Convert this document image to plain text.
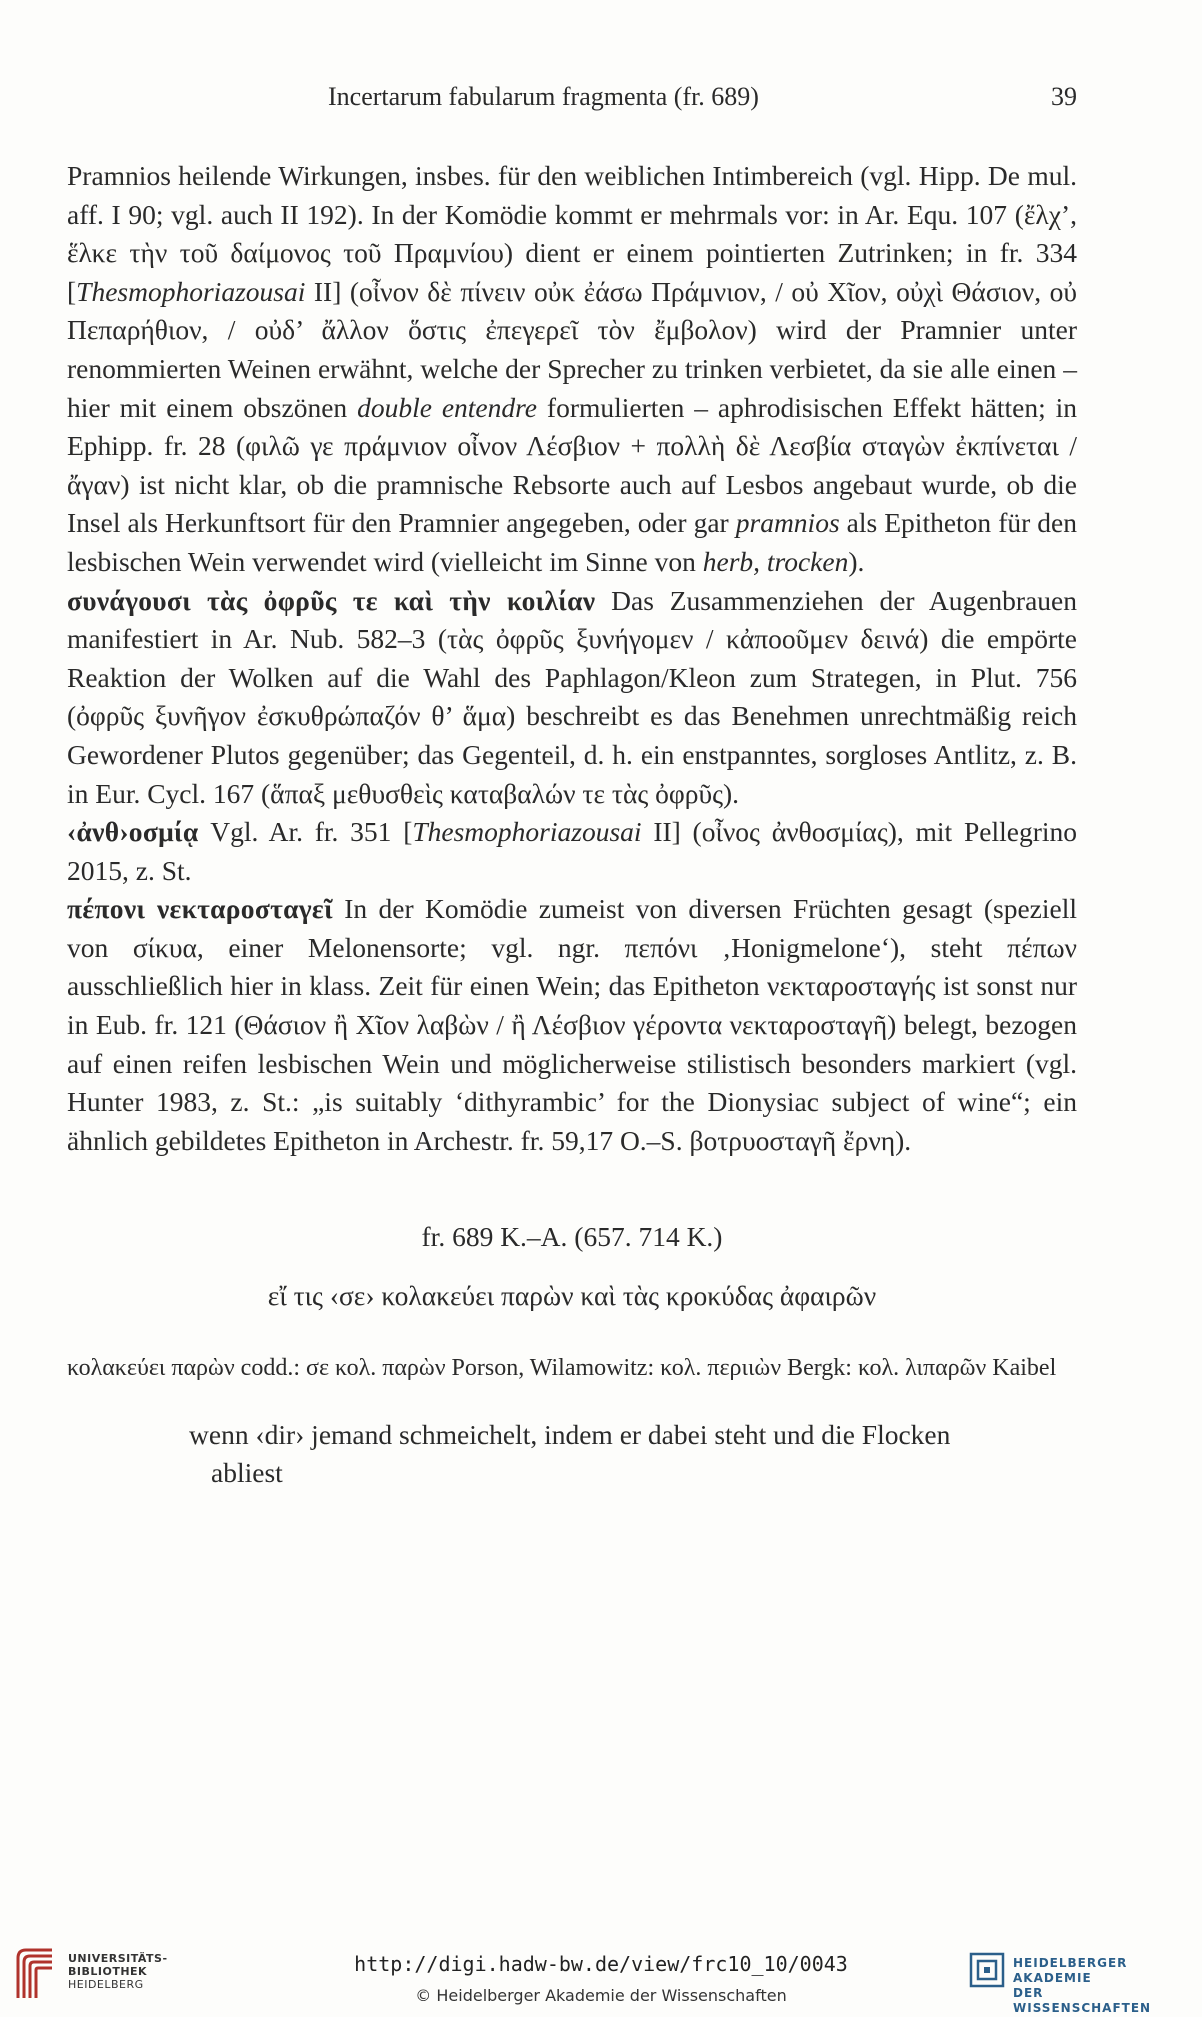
Incertarum fabularum fragmenta (fr. 689)	39

Pramnios heilende Wirkungen, insbes. für den weiblichen Intimbereich (vgl. Hipp. De mul. aff. I 90; vgl. auch II 192). In der Komödie kommt er mehrmals vor: in Ar. Equ. 107 (ἔλχ’, ἕλκε τὴν τοῦ δαίμονος τοῦ Πραμνίου) dient er einem pointierten Zutrinken; in fr. 334 [Thesmophoriazousai II] (οἶνον δὲ πίνειν οὐκ ἐάσω Πράμνιον, / οὐ Χῖον, οὐχὶ Θάσιον, οὐ Πεπαρήθιον, / οὐδ’ ἄλλον ὅστις ἐπεγερεῖ τὸν ἔμβολον) wird der Pramnier unter renommierten Weinen erwähnt, welche der Sprecher zu trinken verbietet, da sie alle einen – hier mit einem obszönen double entendre formulierten – aphrodisischen Effekt hätten; in Ephipp. fr. 28 (φιλῶ γε πράμνιον οἶνον Λέσβιον + πολλὴ δὲ Λεσβία σταγὼν ἐκπίνεται / ἄγαν) ist nicht klar, ob die pramnische Rebsorte auch auf Lesbos angebaut wurde, ob die Insel als Herkunftsort für den Pramnier angegeben, oder gar pramnios als Epitheton für den lesbischen Wein verwendet wird (vielleicht im Sinne von herb, trocken).

συνάγουσι τὰς ὀφρῦς τε καὶ τὴν κοιλίαν Das Zusammenziehen der Augenbrauen manifestiert in Ar. Nub. 582–3 (τὰς ὀφρῦς ξυνήγομεν / κἀποοῦμεν δεινά) die empörte Reaktion der Wolken auf die Wahl des Paphlagon/Kleon zum Strategen, in Plut. 756 (ὀφρῦς ξυνῆγον ἐσκυθρώπαζόν θ’ ἅμα) beschreibt es das Benehmen unrechtmäßig reich Gewordener Plutos gegenüber; das Gegenteil, d. h. ein enstpanntes, sorgloses Antlitz, z. B. in Eur. Cycl. 167 (ἅπαξ μεθυσθεὶς καταβαλών τε τὰς ὀφρῦς).

‹ἀνθ›οσμίᾳ Vgl. Ar. fr. 351 [Thesmophoriazousai II] (οἶνος ἀνθοσμίας), mit Pellegrino 2015, z. St.

πέπονι νεκταροσταγεῖ In der Komödie zumeist von diversen Früchten gesagt (speziell von σίκυα, einer Melonensorte; vgl. ngr. πεπόνι ‚Honigmelone‘), steht πέπων ausschließlich hier in klass. Zeit für einen Wein; das Epitheton νεκταροσταγής ist sonst nur in Eub. fr. 121 (Θάσιον ἢ Χῖον λαβὼν / ἢ Λέσβιον γέροντα νεκταροσταγῆ) belegt, bezogen auf einen reifen lesbischen Wein und möglicherweise stilistisch besonders markiert (vgl. Hunter 1983, z. St.: „is suitably ‘dithyrambic’ for the Dionysiac subject of wine“; ein ähnlich gebildetes Epitheton in Archestr. fr. 59,17 O.–S. βοτρυοσταγῆ ἔρνη).

fr. 689 K.–A. (657. 714 K.)

εἴ τις ‹σε› κολακεύει παρὼν καὶ τὰς κροκύδας ἀφαιρῶν

κολακεύει παρὼν codd.: σε κολ. παρὼν Porson, Wilamowitz: κολ. περιιὼν Bergk: κολ. λιπαρῶν Kaibel

wenn ‹dir› jemand schmeichelt, indem er dabei steht und die Flocken
abliest

UNIVERSITÄTS-
BIBLIOTHEK
HEIDELBERG
http://digi.hadw-bw.de/view/frc10_10/0043
© Heidelberger Akademie der Wissenschaften
HEIDELBERGER AKADEMIE
DER WISSENSCHAFTEN
